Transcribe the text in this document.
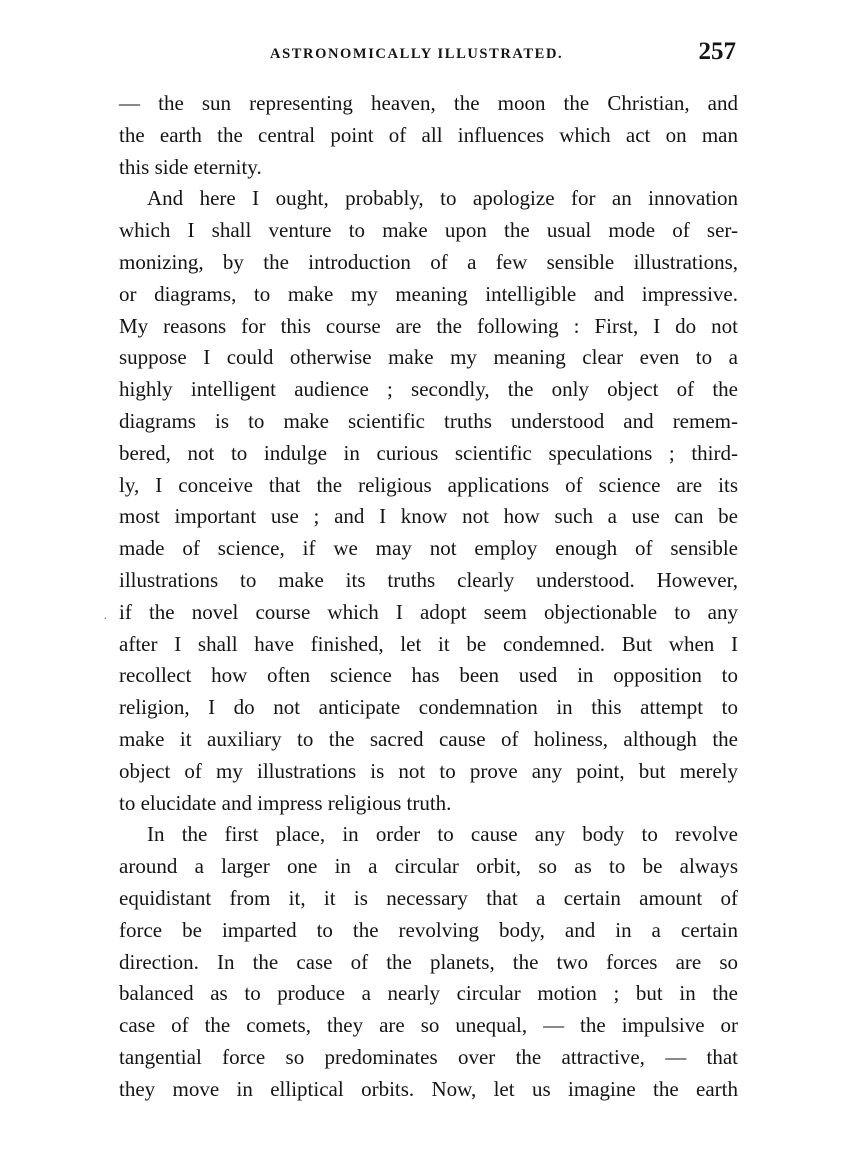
ASTRONOMICALLY ILLUSTRATED.	257
— the sun representing heaven, the moon the Christian, and
the earth the central point of all influences which act on man
this side eternity.
And here I ought, probably, to apologize for an innovation
which I shall venture to make upon the usual mode of ser-
monizing, by the introduction of a few sensible illustrations,
or diagrams, to make my meaning intelligible and impressive.
My reasons for this course are the following : First, I do not
suppose I could otherwise make my meaning clear even to a
highly intelligent audience ; secondly, the only object of the
diagrams is to make scientific truths understood and remem-
bered, not to indulge in curious scientific speculations ; third-
ly, I conceive that the religious applications of science are its
most important use ; and I know not how such a use can be
made of science, if we may not employ enough of sensible
illustrations to make its truths clearly understood. However,
if the novel course which I adopt seem objectionable to any
after I shall have finished, let it be condemned. But when I
recollect how often science has been used in opposition to
religion, I do not anticipate condemnation in this attempt to
make it auxiliary to the sacred cause of holiness, although the
object of my illustrations is not to prove any point, but merely
to elucidate and impress religious truth.
In the first place, in order to cause any body to revolve
around a larger one in a circular orbit, so as to be always
equidistant from it, it is necessary that a certain amount of
force be imparted to the revolving body, and in a certain
direction. In the case of the planets, the two forces are so
balanced as to produce a nearly circular motion ; but in the
case of the comets, they are so unequal, — the impulsive or
tangential force so predominates over the attractive, — that
they move in elliptical orbits. Now, let us imagine the earth
·
